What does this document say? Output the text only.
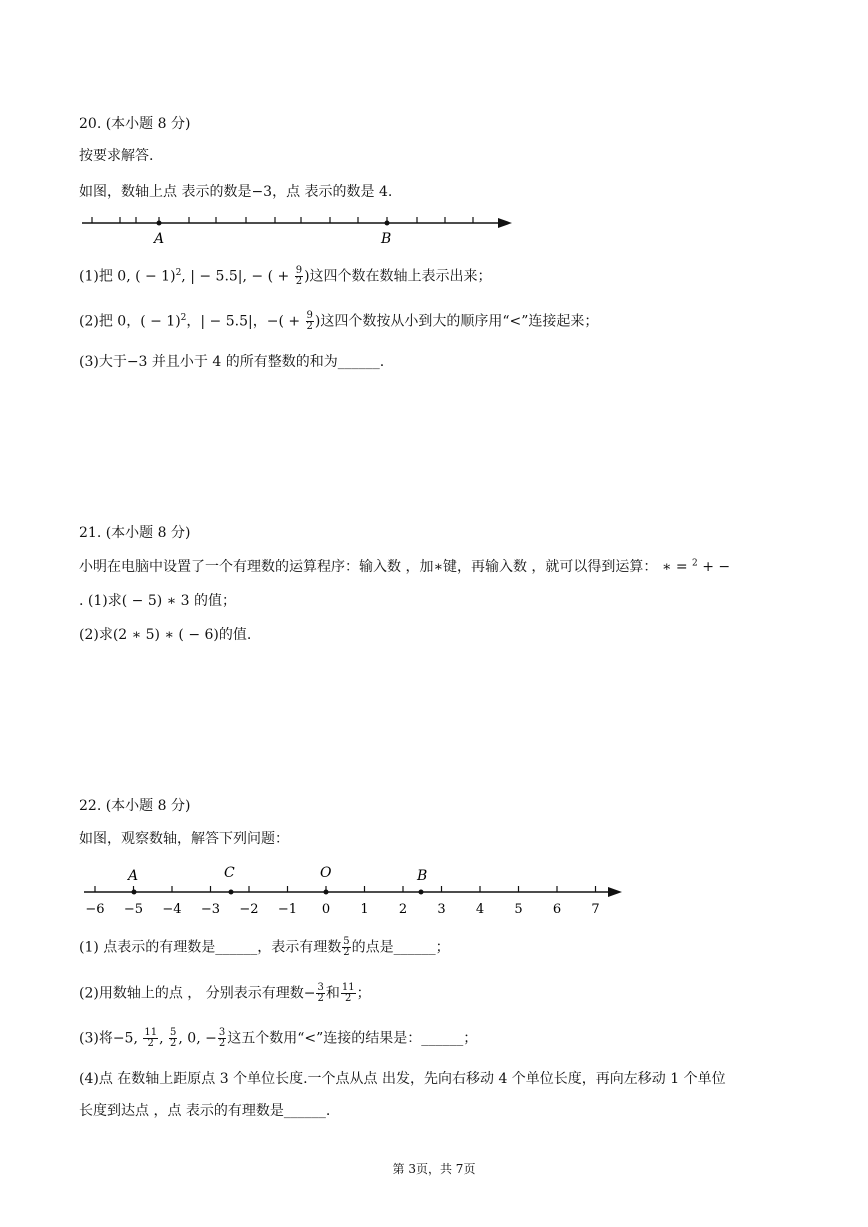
20. (本小题 8 分)
按要求解答.
如图，数轴上点 表示的数是−3，点 表示的数是 4.
A	B
(1)把 0, ( − 1)$^2$, | − 5.5|, − ( + $\frac{9}{2}$ )这四个数在数轴上表示出来；
(2)把 0，( − 1)$^2$，| − 5.5|，−( + $\frac{9}{2}$ )这四个数按从小到大的顺序用“<”连接起来；
(3)大于−3 并且小于 4 的所有整数的和为______.
21. (本小题 8 分)
小明在电脑中设置了一个有理数的运算程序：输入数 ，加∗键，再输入数 ，就可以得到运算： ∗ = $^2$ + −
. (1)求( − 5) ∗ 3 的值；
(2)求(2 ∗ 5) ∗ ( − 6)的值.
22. (本小题 8 分)
如图，观察数轴，解答下列问题：
−6 −5 −4 −3 −2 −1 0 1 2 3 4 5 6 7
A	C	O	B
(1) 点表示的有理数是______，表示有理数 $\frac{5}{2}$ 的点是______；
(2)用数轴上的点 ， 分别表示有理数− $\frac{3}{2}$ 和 $\frac{11}{2}$ ；
(3)将−5, $\frac{11}{2}$ , $\frac{5}{2}$ , 0, − $\frac{3}{2}$ 这五个数用“<”连接的结果是：______；
(4)点 在数轴上距原点 3 个单位长度.一个点从点 出发，先向右移动 4 个单位长度，再向左移动 1 个单位
长度到达点 ，点 表示的有理数是______.
第 3页，共 7页
